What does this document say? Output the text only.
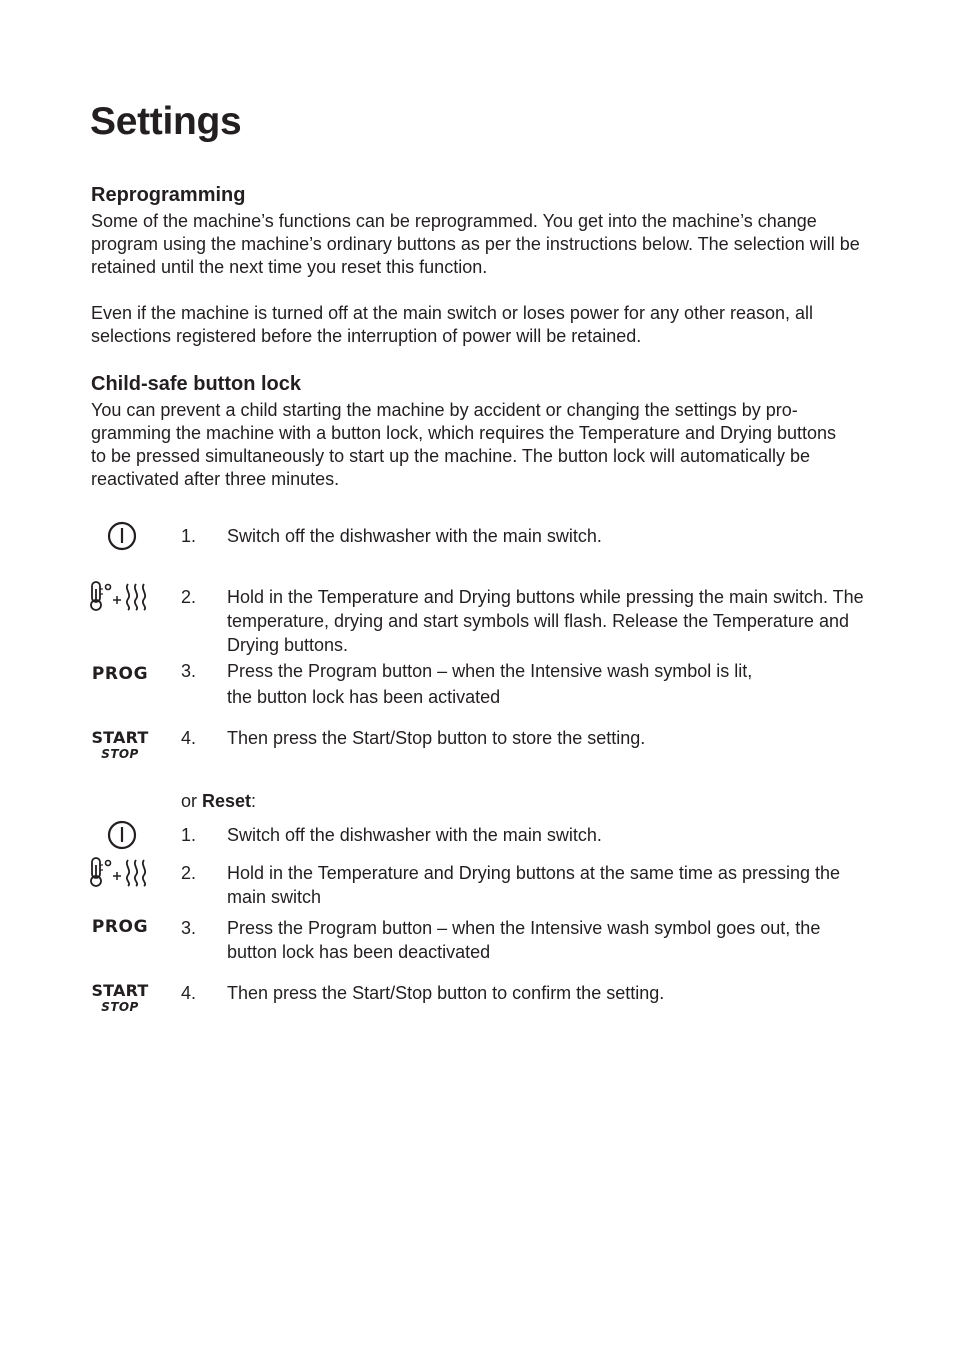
Settings
Reprogramming

Some of the machine’s functions can be reprogrammed. You get into the machine’s change program using the machine’s ordinary buttons as per the instructions below. The selection will be retained until the next time you reset this function.

Even if the machine is turned off at the main switch or loses power for any other reason, all selections registered before the interruption of power will be retained.

Child-safe button lock

You can prevent a child starting the machine by accident or changing the settings by pro-gramming the machine with a button lock, which requires the Temperature and Drying buttons to be pressed simultaneously to start up the machine. The button lock will automatically be reactivated after three minutes.

1. Switch off the dishwasher with the main switch.
2. Hold in the Temperature and Drying buttons while pressing the main switch. The temperature, drying and start symbols will flash. Release the Temperature and Drying buttons.
PROG 3. Press the Program button – when the Intensive wash symbol is lit,
the button lock has been activated
START
STOP
4. Then press the Start/Stop button to store the setting.
or Reset:
1. Switch off the dishwasher with the main switch.
2. Hold in the Temperature and Drying buttons at the same time as pressing the main switch
PROG 3. Press the Program button – when the Intensive wash symbol goes out, the button lock has been deactivated
START
STOP
4. Then press the Start/Stop button to confirm the setting.
